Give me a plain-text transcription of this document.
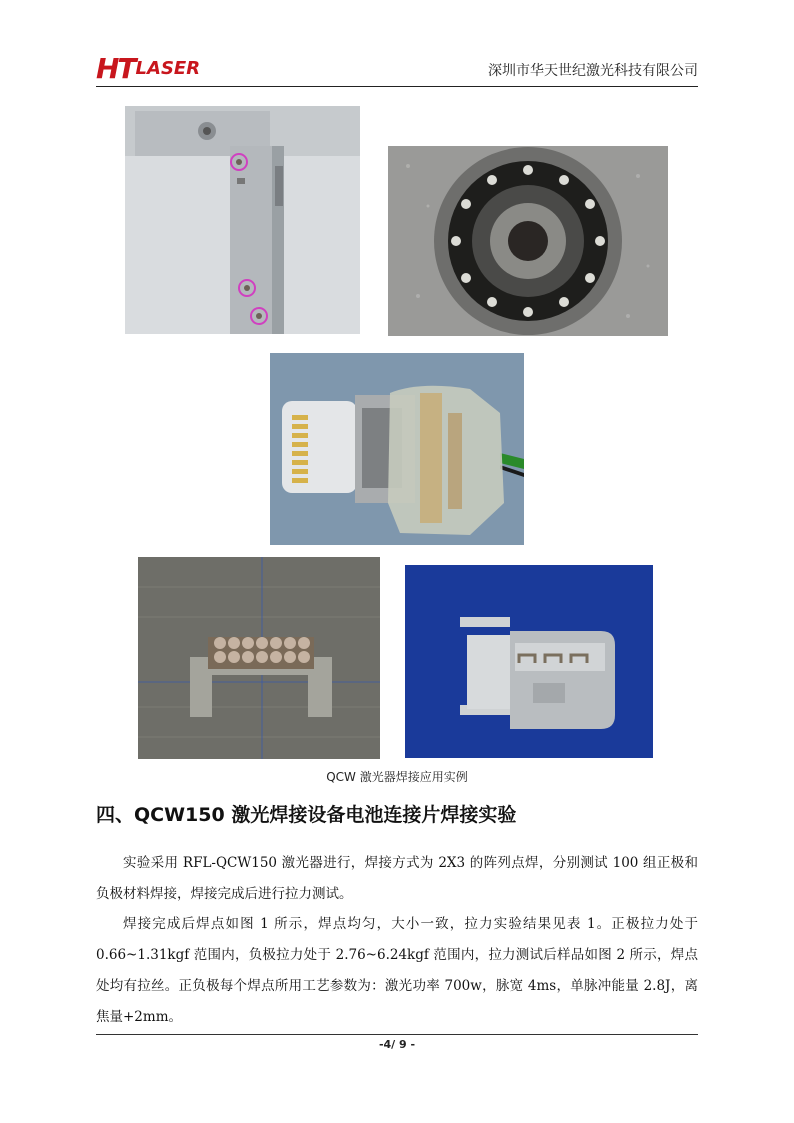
HT LASER	深圳市华天世纪激光科技有限公司
QCW 激光器焊接应用实例
四、QCW150 激光焊接设备电池连接片焊接实验
实验采用 RFL-QCW150 激光器进行，焊接方式为 2X3 的阵列点焊，分别测试 100 组正极和负极材料焊接，焊接完成后进行拉力测试。
焊接完成后焊点如图 1 所示，焊点均匀，大小一致，拉力实验结果见表 1。正极拉力处于 0.66~1.31kgf 范围内，负极拉力处于 2.76~6.24kgf 范围内，拉力测试后样品如图 2 所示，焊点处均有拉丝。正负极每个焊点所用工艺参数为：激光功率 700w，脉宽 4ms，单脉冲能量 2.8J，离焦量+2mm。
-4/ 9 -
